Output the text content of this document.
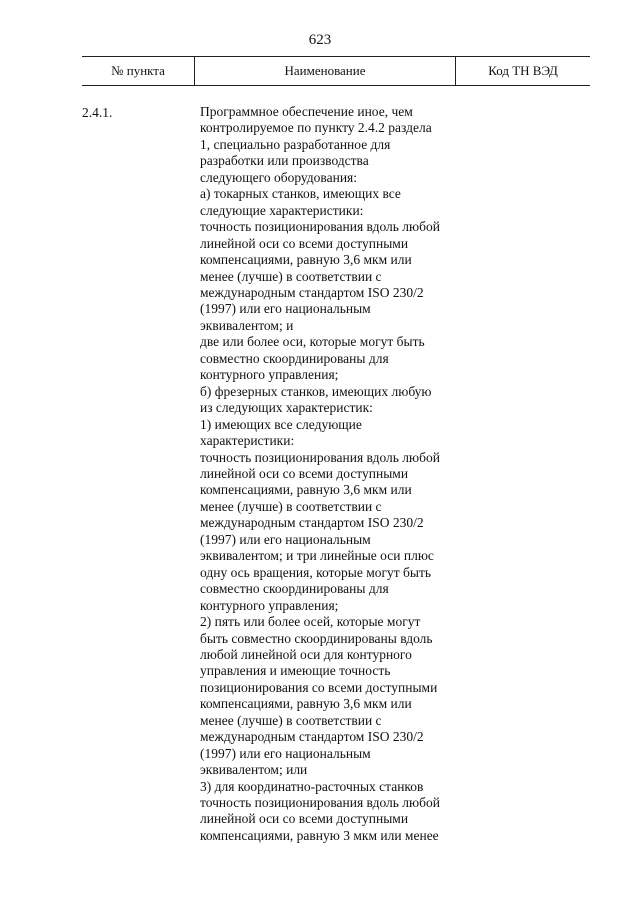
623
№ пункта	Наименование	Код ТН ВЭД
2.4.1.	Программное обеспечение иное, чем
контролируемое по пункту 2.4.2 раздела
1, специально разработанное для
разработки или производства
следующего оборудования:
а) токарных станков, имеющих все
следующие характеристики:
точность позиционирования вдоль любой
линейной оси со всеми доступными
компенсациями, равную 3,6 мкм или
менее (лучше) в соответствии с
международным стандартом ISO 230/2
(1997) или его национальным
эквивалентом; и
две или более оси, которые могут быть
совместно скоординированы для
контурного управления;
б) фрезерных станков, имеющих любую
из следующих характеристик:
1) имеющих все следующие
характеристики:
точность позиционирования вдоль любой
линейной оси со всеми доступными
компенсациями, равную 3,6 мкм или
менее (лучше) в соответствии с
международным стандартом ISO 230/2
(1997) или его национальным
эквивалентом; и три линейные оси плюс
одну ось вращения, которые могут быть
совместно скоординированы для
контурного управления;
2) пять или более осей, которые могут
быть совместно скоординированы вдоль
любой линейной оси для контурного
управления и имеющие точность
позиционирования со всеми доступными
компенсациями, равную 3,6 мкм или
менее (лучше) в соответствии с
международным стандартом ISO 230/2
(1997) или его национальным
эквивалентом; или
3) для координатно-расточных станков
точность позиционирования вдоль любой
линейной оси со всеми доступными
компенсациями, равную 3 мкм или менее
